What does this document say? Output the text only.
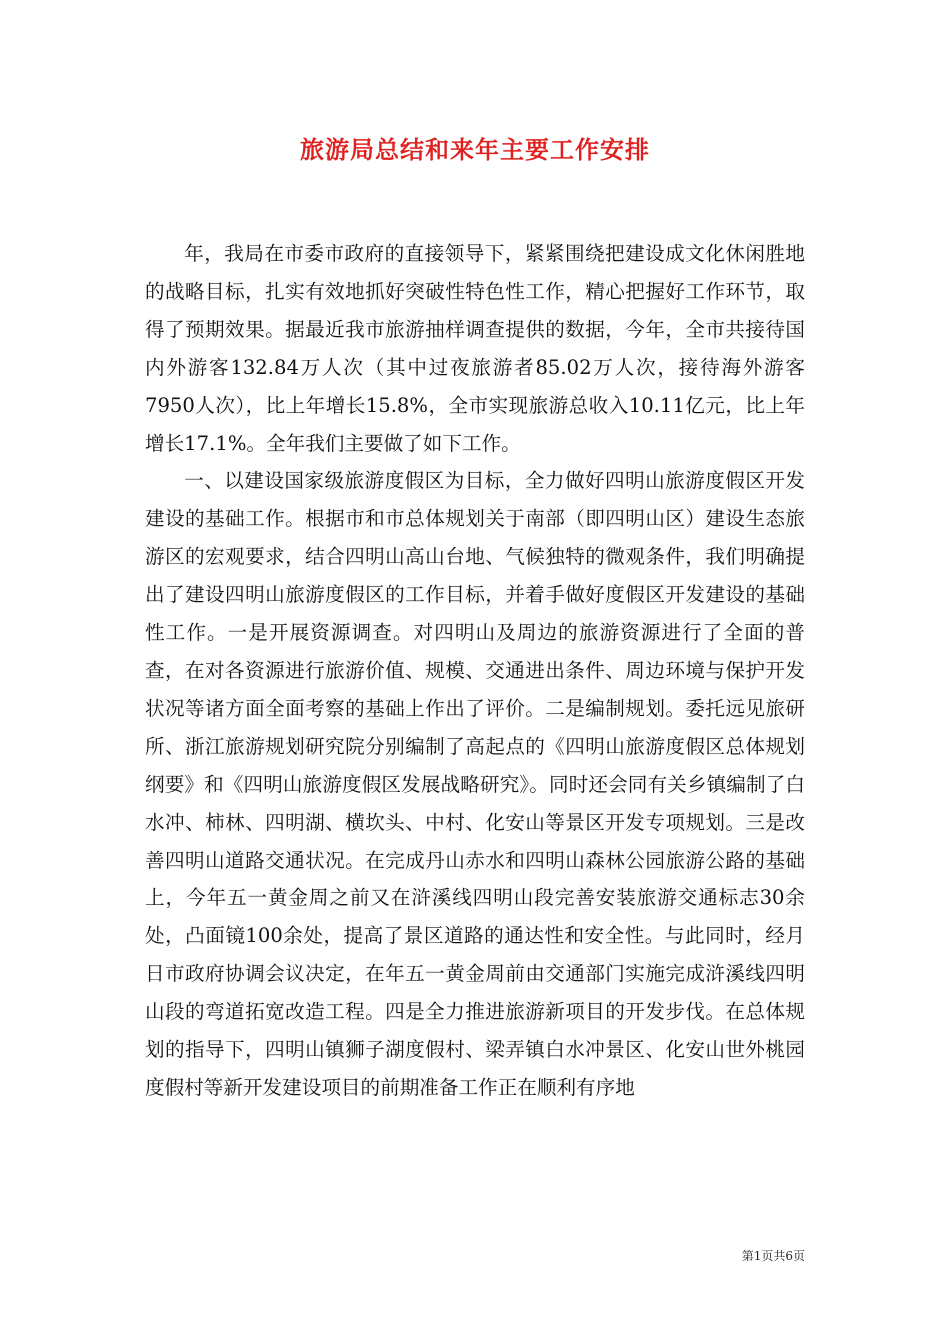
旅游局总结和来年主要工作安排

年，我局在市委市政府的直接领导下，紧紧围绕把建设成文化休闲胜地的战略目标，扎实有效地抓好突破性特色性工作，精心把握好工作环节，取得了预期效果。据最近我市旅游抽样调查提供的数据，今年，全市共接待国内外游客132.84万人次（其中过夜旅游者85.02万人次，接待海外游客7950人次），比上年增长15.8%，全市实现旅游总收入10.11亿元，比上年增长17.1%。全年我们主要做了如下工作。

一、以建设国家级旅游度假区为目标，全力做好四明山旅游度假区开发建设的基础工作。根据市和市总体规划关于南部（即四明山区）建设生态旅游区的宏观要求，结合四明山高山台地、气候独特的微观条件，我们明确提出了建设四明山旅游度假区的工作目标，并着手做好度假区开发建设的基础性工作。一是开展资源调查。对四明山及周边的旅游资源进行了全面的普查，在对各资源进行旅游价值、规模、交通进出条件、周边环境与保护开发状况等诸方面全面考察的基础上作出了评价。二是编制规划。委托远见旅研所、浙江旅游规划研究院分别编制了高起点的《四明山旅游度假区总体规划纲要》和《四明山旅游度假区发展战略研究》。同时还会同有关乡镇编制了白水冲、柿林、四明湖、横坎头、中村、化安山等景区开发专项规划。三是改善四明山道路交通状况。在完成丹山赤水和四明山森林公园旅游公路的基础上，今年五一黄金周之前又在浒溪线四明山段完善安装旅游交通标志30余处，凸面镜100余处，提高了景区道路的通达性和安全性。与此同时，经月日市政府协调会议决定，在年五一黄金周前由交通部门实施完成浒溪线四明山段的弯道拓宽改造工程。四是全力推进旅游新项目的开发步伐。在总体规划的指导下，四明山镇狮子湖度假村、梁弄镇白水冲景区、化安山世外桃园度假村等新开发建设项目的前期准备工作正在顺利有序地

第1页共6页
